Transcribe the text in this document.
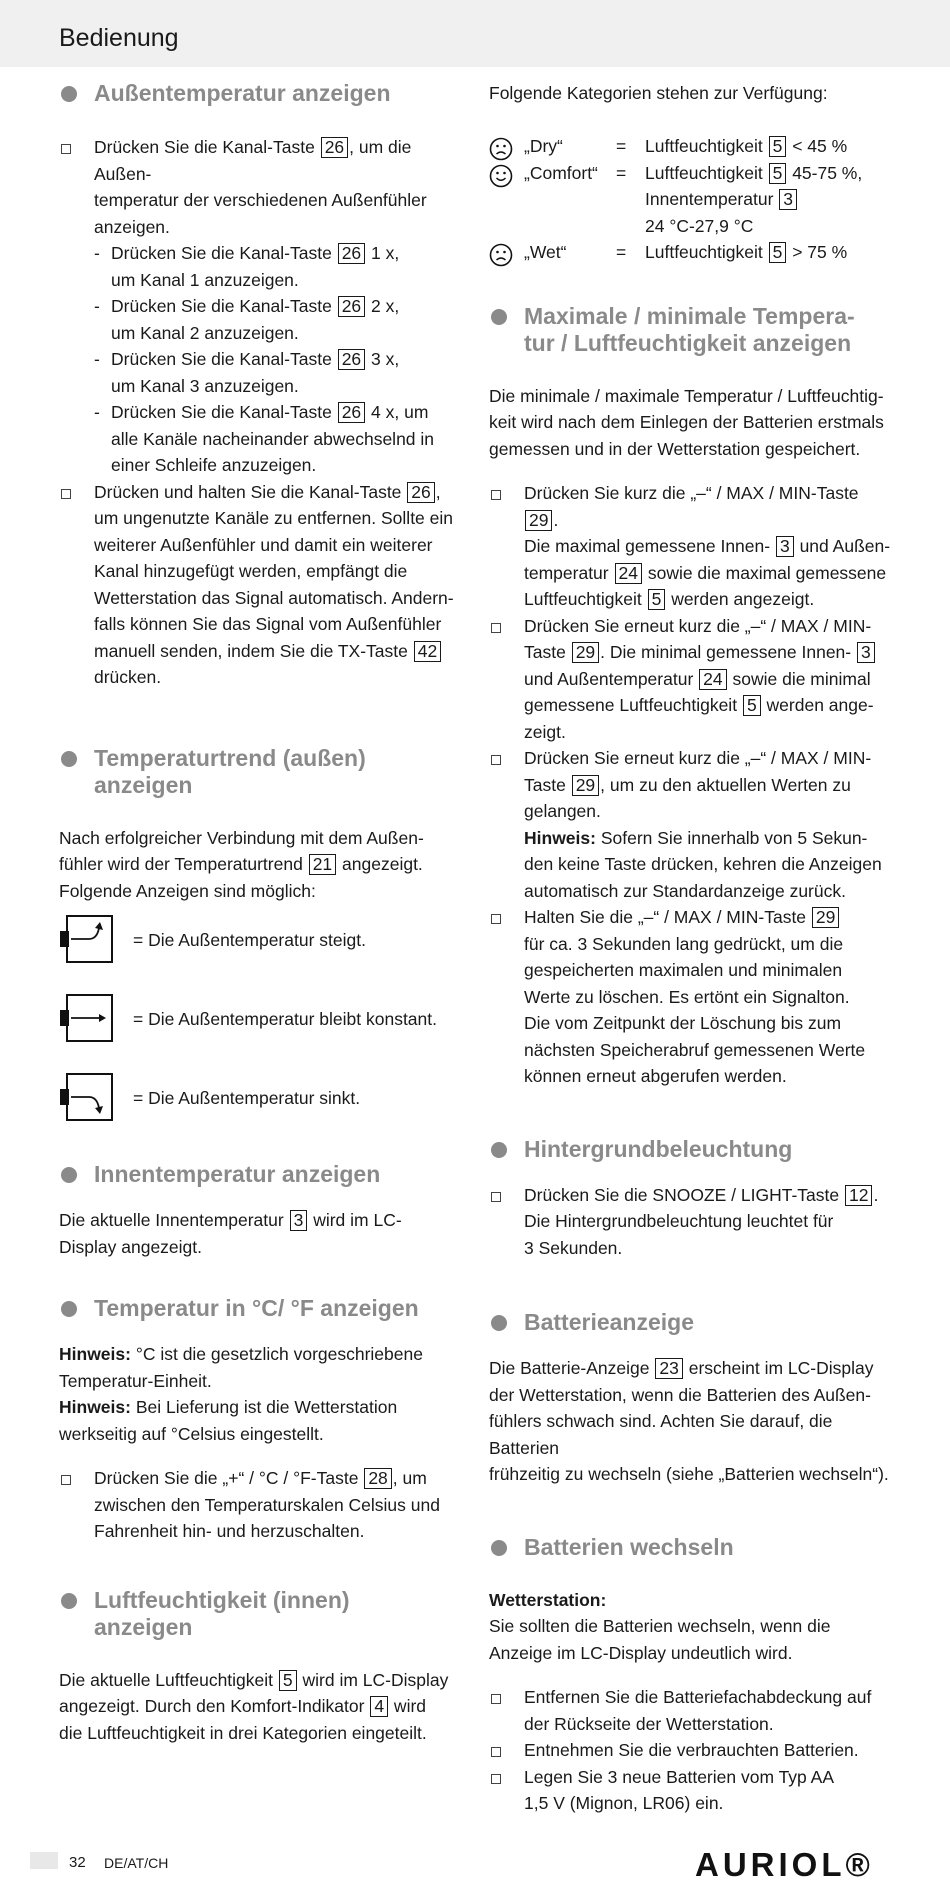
Bedienung
Außentemperatur anzeigen
Drücken Sie die Kanal-Taste 26 , um die Außen-
temperatur der verschiedenen Außenfühler
anzeigen.
- Drücken Sie die Kanal-Taste 26 1 x,
um Kanal 1 anzuzeigen.
- Drücken Sie die Kanal-Taste 26 2 x,
um Kanal 2 anzuzeigen.
- Drücken Sie die Kanal-Taste 26 3 x,
um Kanal 3 anzuzeigen.
- Drücken Sie die Kanal-Taste 26 4 x, um
alle Kanäle nacheinander abwechselnd in
einer Schleife anzuzeigen.
Drücken und halten Sie die Kanal-Taste 26 ,
um ungenutzte Kanäle zu entfernen. Sollte ein
weiterer Außenfühler und damit ein weiterer
Kanal hinzugefügt werden, empfängt die
Wetterstation das Signal automatisch. Andern-
falls können Sie das Signal vom Außenfühler
manuell senden, indem Sie die TX-Taste 42
drücken.
Temperaturtrend (außen)
anzeigen

Nach erfolgreicher Verbindung mit dem Außen-

fühler wird der Temperaturtrend 21 angezeigt.

Folgende Anzeigen sind möglich:

= Die Außentemperatur steigt.
= Die Außentemperatur bleibt konstant.
= Die Außentemperatur sinkt.
Innentemperatur anzeigen

Die aktuelle Innentemperatur 3 wird im LC-

Display angezeigt.

Temperatur in °C/ °F anzeigen

Hinweis: °C ist die gesetzlich vorgeschriebene

Temperatur-Einheit.

Hinweis: Bei Lieferung ist die Wetterstation

werkseitig auf °Celsius eingestellt.

Drücken Sie die „+“ / °C / °F-Taste 28 , um
zwischen den Temperaturskalen Celsius und
Fahrenheit hin- und herzuschalten.
Luftfeuchtigkeit (innen)
anzeigen

Die aktuelle Luftfeuchtigkeit 5 wird im LC-Display

angezeigt. Durch den Komfort-Indikator 4 wird

die Luftfeuchtigkeit in drei Kategorien eingeteilt.

Folgende Kategorien stehen zur Verfügung:

„Dry“	= Luftfeuchtigkeit 5 < 45 %
„Comfort“ = Luftfeuchtigkeit 5 45-75 %,
Innentemperatur 3
24 °C-27,9 °C
„Wet“	= Luftfeuchtigkeit 5 > 75 %
Maximale / minimale Tempera-
tur / Luftfeuchtigkeit anzeigen

Die minimale / maximale Temperatur / Luftfeuchtig-

keit wird nach dem Einlegen der Batterien erstmals

gemessen und in der Wetterstation gespeichert.

Drücken Sie kurz die „–“ / MAX / MIN-Taste 29 .
Die maximal gemessene Innen- 3 und Außen-
temperatur 24 sowie die maximal gemessene
Luftfeuchtigkeit 5 werden angezeigt.
Drücken Sie erneut kurz die „–“ / MAX / MIN-
Taste 29 . Die minimal gemessene Innen- 3
und Außentemperatur 24 sowie die minimal
gemessene Luftfeuchtigkeit 5 werden ange-
zeigt.
Drücken Sie erneut kurz die „–“ / MAX / MIN-
Taste 29 , um zu den aktuellen Werten zu
gelangen.
Hinweis: Sofern Sie innerhalb von 5 Sekun-
den keine Taste drücken, kehren die Anzeigen
automatisch zur Standardanzeige zurück.
Halten Sie die „–“ / MAX / MIN-Taste 29
für ca. 3 Sekunden lang gedrückt, um die
gespeicherten maximalen und minimalen
Werte zu löschen. Es ertönt ein Signalton.
Die vom Zeitpunkt der Löschung bis zum
nächsten Speicherabruf gemessenen Werte
können erneut abgerufen werden.
Hintergrundbeleuchtung
Drücken Sie die SNOOZE / LIGHT-Taste 12 .
Die Hintergrundbeleuchtung leuchtet für
3 Sekunden.
Batterieanzeige

Die Batterie-Anzeige 23 erscheint im LC-Display

der Wetterstation, wenn die Batterien des Außen-

fühlers schwach sind. Achten Sie darauf, die Batterien

frühzeitig zu wechseln (siehe „Batterien wechseln“).

Batterien wechseln

Wetterstation:

Sie sollten die Batterien wechseln, wenn die

Anzeige im LC-Display undeutlich wird.

Entfernen Sie die Batteriefachabdeckung auf
der Rückseite der Wetterstation.
Entnehmen Sie die verbrauchten Batterien.
Legen Sie 3 neue Batterien vom Typ AA
1,5 V (Mignon, LR06) ein.
32 DE/AT/CH	AURIOL®
